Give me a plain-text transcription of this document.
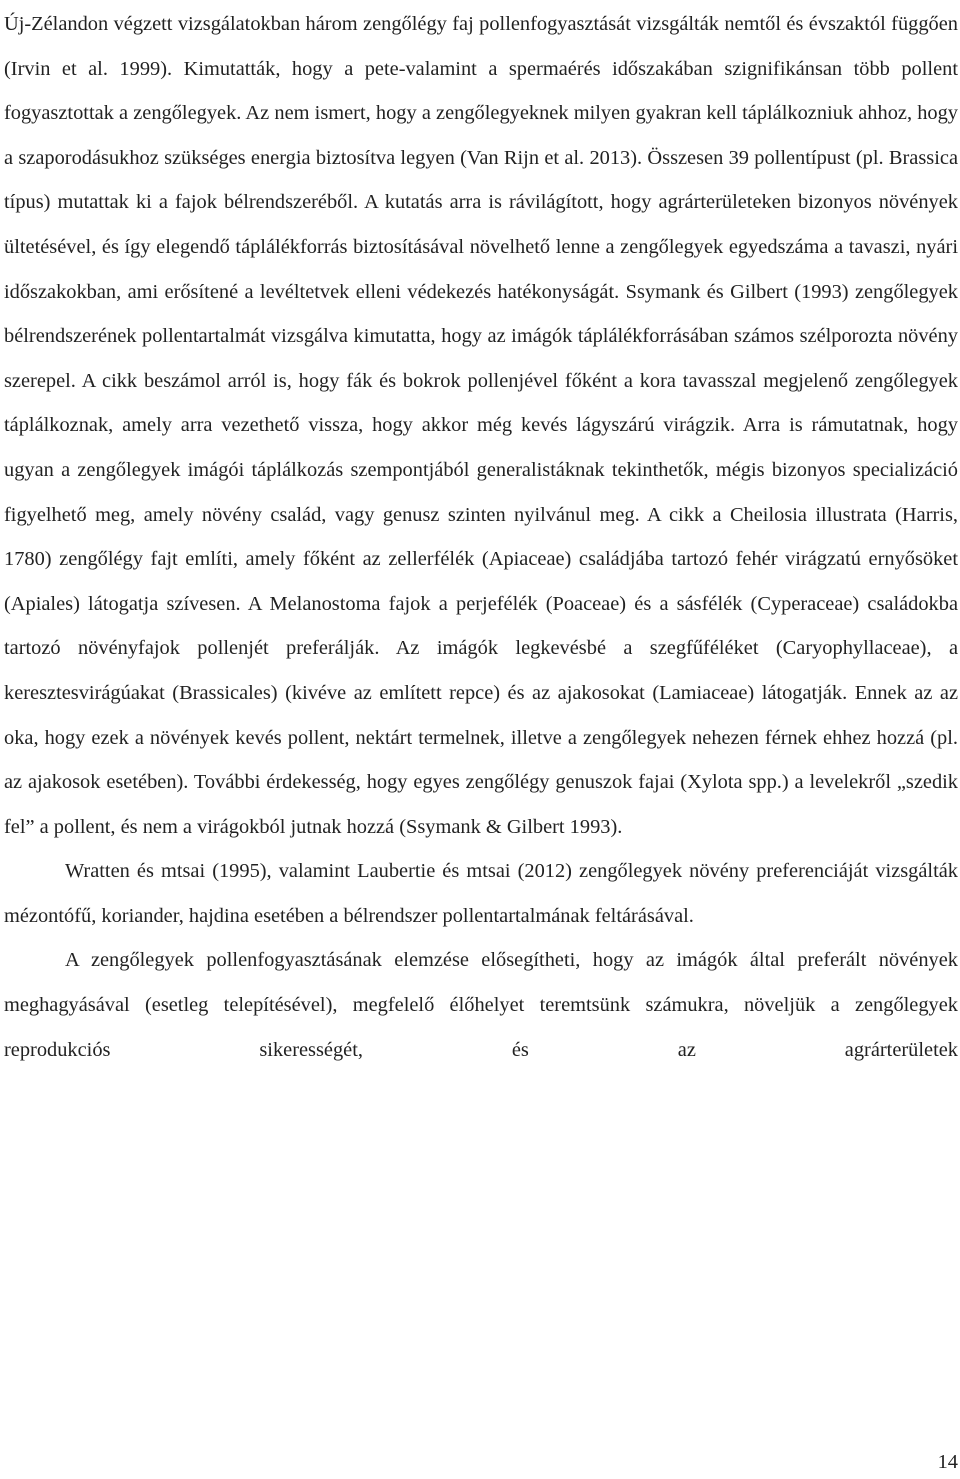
Új-Zélandon végzett vizsgálatokban három zengőlégy faj pollenfogyasztását vizsgálták nemtől és évszaktól függően (Irvin et al. 1999). Kimutatták, hogy a pete-valamint a spermaérés időszakában szignifikánsan több pollent fogyasztottak a zengőlegyek. Az nem ismert, hogy a zengőlegyeknek milyen gyakran kell táplálkozniuk ahhoz, hogy a szaporodásukhoz szükséges energia biztosítva legyen (Van Rijn et al. 2013). Összesen 39 pollentípust (pl. Brassica típus) mutattak ki a fajok bélrendszeréből. A kutatás arra is rávilágított, hogy agrárterületeken bizonyos növények ültetésével, és így elegendő táplálékforrás biztosításával növelhető lenne a zengőlegyek egyedszáma a tavaszi, nyári időszakokban, ami erősítené a levéltetvek elleni védekezés hatékonyságát. Ssymank és Gilbert (1993) zengőlegyek bélrendszerének pollentartalmát vizsgálva kimutatta, hogy az imágók táplálékforrásában számos szélporozta növény szerepel. A cikk beszámol arról is, hogy fák és bokrok pollenjével főként a kora tavasszal megjelenő zengőlegyek táplálkoznak, amely arra vezethető vissza, hogy akkor még kevés lágyszárú virágzik. Arra is rámutatnak, hogy ugyan a zengőlegyek imágói táplálkozás szempontjából generalistáknak tekinthetők, mégis bizonyos specializáció figyelhető meg, amely növény család, vagy genusz szinten nyilvánul meg. A cikk a Cheilosia illustrata (Harris, 1780) zengőlégy fajt említi, amely főként az zellerfélék (Apiaceae) családjába tartozó fehér virágzatú ernyősöket (Apiales) látogatja szívesen. A Melanostoma fajok a perjefélék (Poaceae) és a sásfélék (Cyperaceae) családokba tartozó növényfajok pollenjét preferálják. Az imágók legkevésbé a szegfűféléket (Caryophyllaceae), a keresztesvirágúakat (Brassicales) (kivéve az említett repce) és az ajakosokat (Lamiaceae) látogatják. Ennek az az oka, hogy ezek a növények kevés pollent, nektárt termelnek, illetve a zengőlegyek nehezen férnek ehhez hozzá (pl. az ajakosok esetében). További érdekesség, hogy egyes zengőlégy genuszok fajai (Xylota spp.) a levelekről „szedik fel” a pollent, és nem a virágokból jutnak hozzá (Ssymank & Gilbert 1993).

Wratten és mtsai (1995), valamint Laubertie és mtsai (2012) zengőlegyek növény preferenciáját vizsgálták mézontófű, koriander, hajdina esetében a bélrendszer pollentartalmának feltárásával.

A zengőlegyek pollenfogyasztásának elemzése elősegítheti, hogy az imágók által preferált növények meghagyásával (esetleg telepítésével), megfelelő élőhelyet teremtsünk számukra, növeljük a zengőlegyek reprodukciós sikerességét, és az agrárterületek

14
